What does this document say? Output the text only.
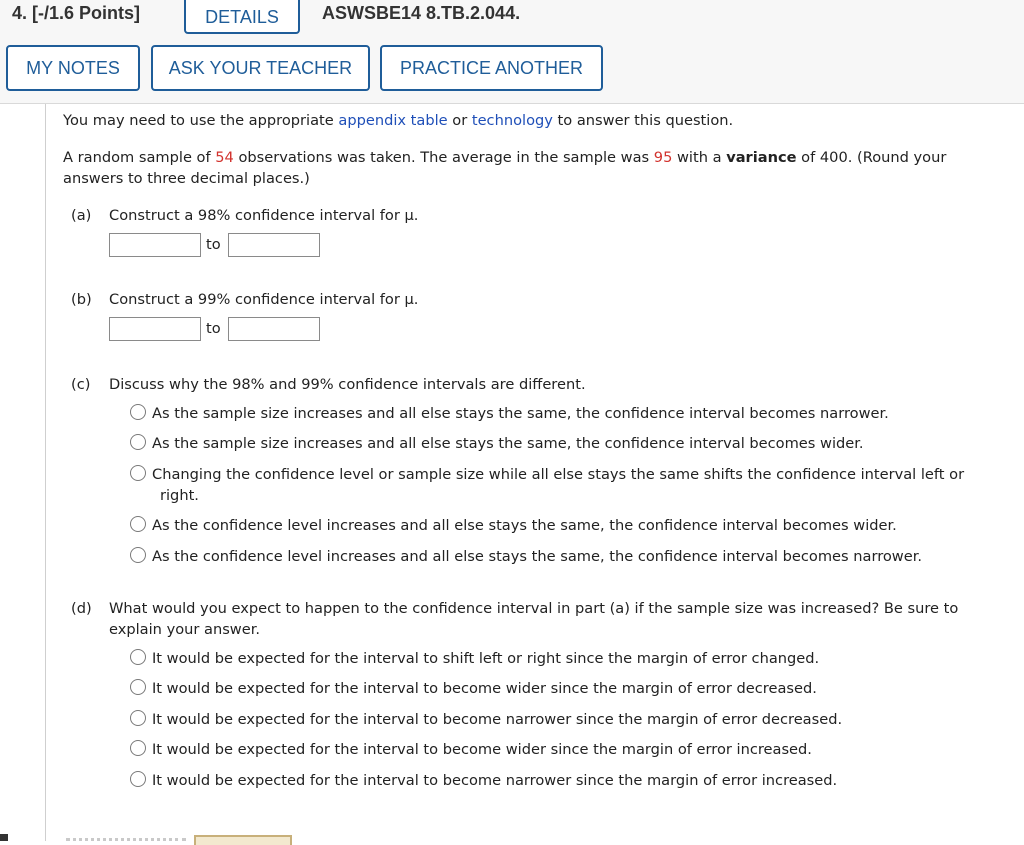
4. [-/1.6 Points]	DETAILS	ASWSBE14 8.TB.2.044.
MY NOTES	ASK YOUR TEACHER	PRACTICE ANOTHER
You may need to use the appropriate appendix table or technology to answer this question.
A random sample of 54 observations was taken. The average in the sample was 95 with a variance of 400. (Round your
answers to three decimal places.)
(a) Construct a 98% confidence interval for μ.
to
(b) Construct a 99% confidence interval for μ.
to
(c) Discuss why the 98% and 99% confidence intervals are different.
As the sample size increases and all else stays the same, the confidence interval becomes narrower.
As the sample size increases and all else stays the same, the confidence interval becomes wider.
Changing the confidence level or sample size while all else stays the same shifts the confidence interval left or
right.
As the confidence level increases and all else stays the same, the confidence interval becomes wider.
As the confidence level increases and all else stays the same, the confidence interval becomes narrower.
(d) What would you expect to happen to the confidence interval in part (a) if the sample size was increased? Be sure to
explain your answer.
It would be expected for the interval to shift left or right since the margin of error changed.
It would be expected for the interval to become wider since the margin of error decreased.
It would be expected for the interval to become narrower since the margin of error decreased.
It would be expected for the interval to become wider since the margin of error increased.
It would be expected for the interval to become narrower since the margin of error increased.
